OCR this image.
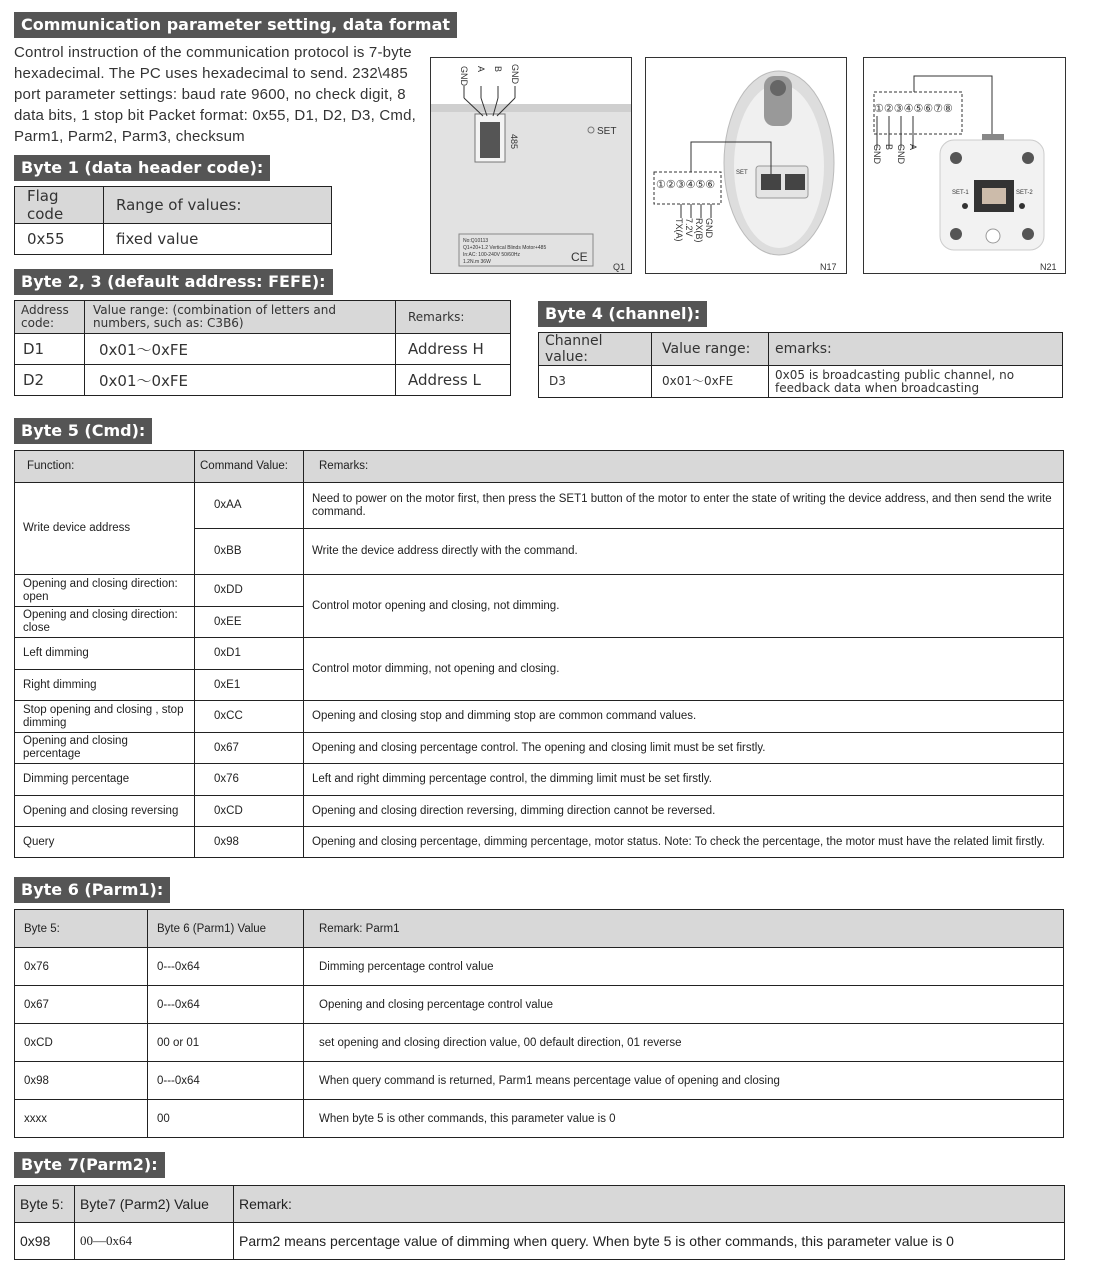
Communication parameter setting, data format
Control instruction of the communication protocol is 7-byte hexadecimal. The PC uses hexadecimal to send. 232\485 port parameter settings: baud rate 9600, no check digit, 8 data bits, 1 stop bit Packet format: 0x55, D1, D2, D3, Cmd, Parm1, Parm2, Parm3, checksum
GND A B GND
485
SET
No:Q10113
Q1+20+1.2 Vertical Blinds Motor+485
In:AC: 100-240V 50/60Hz
1.2N.m 36W	CE
Q1
①②③④⑤⑥
TX(A) 7.2V RX(B) GND
SET
N17
①②③④⑤⑥⑦⑧
GND B GND A
SET-1	SET-2
N21
Byte 1 (data header code):
Flag code	Range of values:
0x55	fixed value
Byte 2, 3 (default address: FEFE):
Address code:	Value range: (combination of letters and numbers, such as: C3B6)	Remarks:
D1	0x01～0xFE	Address H
D2	0x01～0xFE	Address L
Byte 4 (channel):
Channel value:	Value range:	emarks:
D3	0x01～0xFE	0x05 is broadcasting public channel, no feedback data when broadcasting
Byte 5 (Cmd):
Function:	Command Value:	Remarks:
Write device address	0xAA	Need to power on the motor first, then press the SET1 button of the motor to enter the state of writing the device address, and then send the write command.
	0xBB	Write the device address directly with the command.
Opening and closing direction: open	0xDD	Control motor opening and closing, not dimming.
Opening and closing direction: close	0xEE	
Left dimming	0xD1	Control motor dimming, not opening and closing.
Right dimming	0xE1	
Stop opening and closing , stop dimming	0xCC	Opening and closing stop and dimming stop are common command values.
Opening and closing percentage	0x67	Opening and closing percentage control. The opening and closing limit must be set firstly.
Dimming percentage	0x76	Left and right dimming percentage control, the dimming limit must be set firstly.
Opening and closing reversing	0xCD	Opening and closing direction reversing, dimming direction cannot be reversed.
Query	0x98	Opening and closing percentage, dimming percentage, motor status. Note: To check the percentage, the motor must have the related limit firstly.
Byte 6 (Parm1):
Byte 5:	Byte 6 (Parm1) Value	Remark: Parm1
0x76	0---0x64	Dimming percentage control value
0x67	0---0x64	Opening and closing percentage control value
0xCD	00 or 01	set opening and closing direction value, 00 default direction, 01 reverse
0x98	0---0x64	When query command is returned, Parm1 means percentage value of opening and closing
xxxx	00	When byte 5 is other commands, this parameter value is 0
Byte 7(Parm2):
Byte 5:	Byte7 (Parm2) Value	Remark:
0x98	00—0x64	Parm2 means percentage value of dimming when query. When byte 5 is other commands, this parameter value is 0
